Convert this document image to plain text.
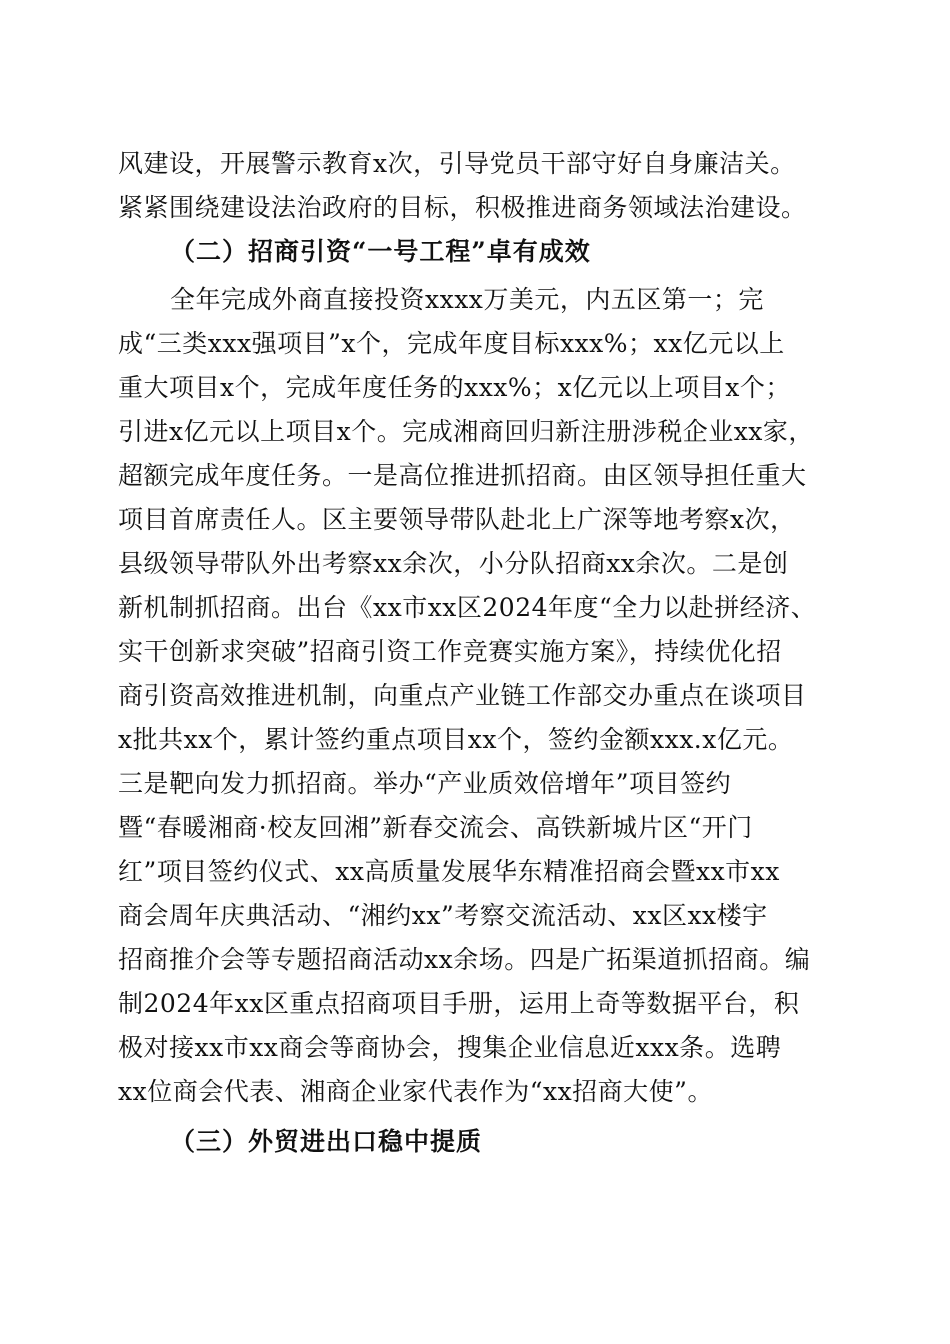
风建设，开展警示教育x次，引导党员干部守好自身廉洁关。
紧紧围绕建设法治政府的目标，积极推进商务领域法治建设。
（二）招商引资“一号工程”卓有成效
全年完成外商直接投资xxxx万美元，内五区第一；完
成“三类xxx强项目”x个，完成年度目标xxx%；xx亿元以上
重大项目x个，完成年度任务的xxx%；x亿元以上项目x个；
引进x亿元以上项目x个。完成湘商回归新注册涉税企业xx家，
超额完成年度任务。一是高位推进抓招商。由区领导担任重大
项目首席责任人。区主要领导带队赴北上广深等地考察x次，
县级领导带队外出考察xx余次，小分队招商xx余次。二是创
新机制抓招商。出台《xx市xx区2024年度“全力以赴拼经济、
实干创新求突破”招商引资工作竞赛实施方案》，持续优化招
商引资高效推进机制，向重点产业链工作部交办重点在谈项目
x批共xx个，累计签约重点项目xx个，签约金额xxx.x亿元。
三是靶向发力抓招商。举办“产业质效倍增年”项目签约
暨“春暖湘商·校友回湘”新春交流会、高铁新城片区“开门
红”项目签约仪式、xx高质量发展华东精准招商会暨xx市xx
商会周年庆典活动、“湘约xx”考察交流活动、xx区xx楼宇
招商推介会等专题招商活动xx余场。四是广拓渠道抓招商。编
制2024年xx区重点招商项目手册，运用上奇等数据平台，积
极对接xx市xx商会等商协会，搜集企业信息近xxx条。选聘
xx位商会代表、湘商企业家代表作为“xx招商大使”。
（三）外贸进出口稳中提质
